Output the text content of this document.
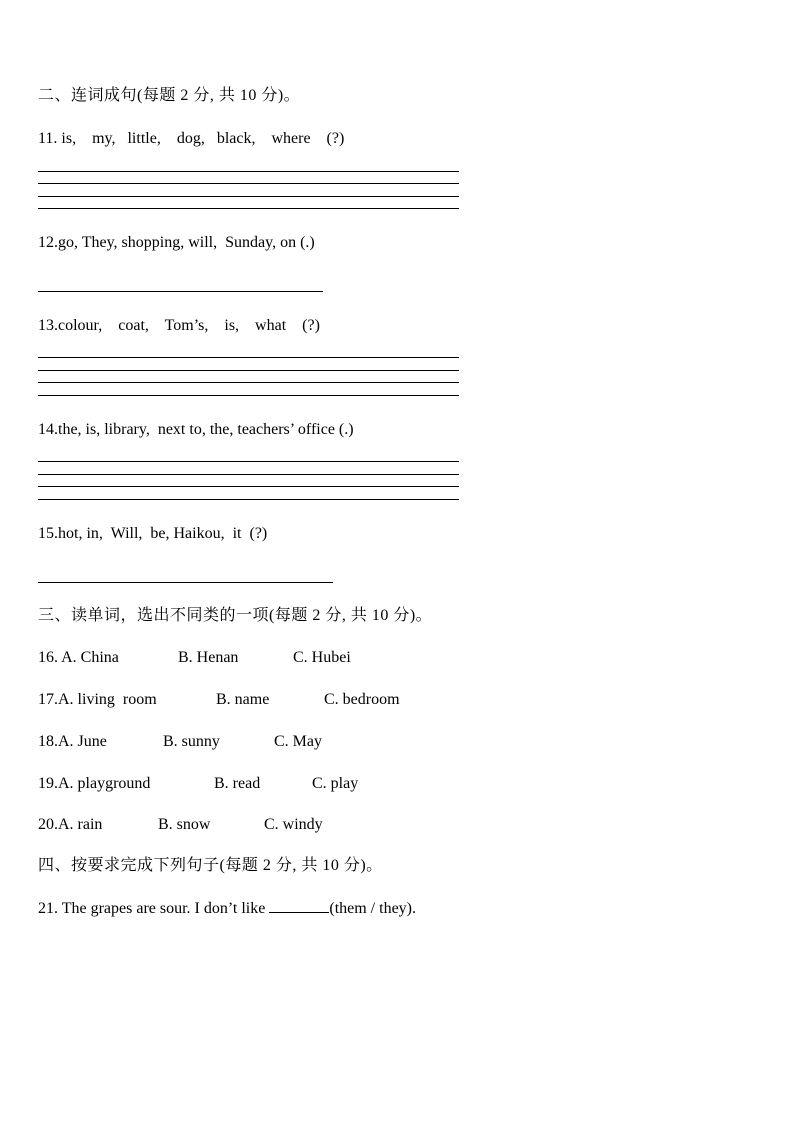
二、连词成句(每题 2 分, 共 10 分)。
11. is,    my,   little,    dog,   black,    where    (?)
12.go, They, shopping, will,  Sunday, on (.)
13.colour,    coat,    Tom’s,    is,    what    (?)
14.the, is, library,  next to, the, teachers’ office (.)
15.hot, in,  Will,  be, Haikou,  it  (?)
三、读单词，选出不同类的一项(每题 2 分, 共 10 分)。
16. A. China	B. Henan	C. Hubei
17.A. living  room	B. name	C. bedroom
18.A. June	B. sunny	C. May
19.A. playground	B. read	C. play
20.A. rain	B. snow	C. windy
四、按要求完成下列句子(每题 2 分, 共 10 分)。
21. The grapes are sour. I don’t like	(them / they).
